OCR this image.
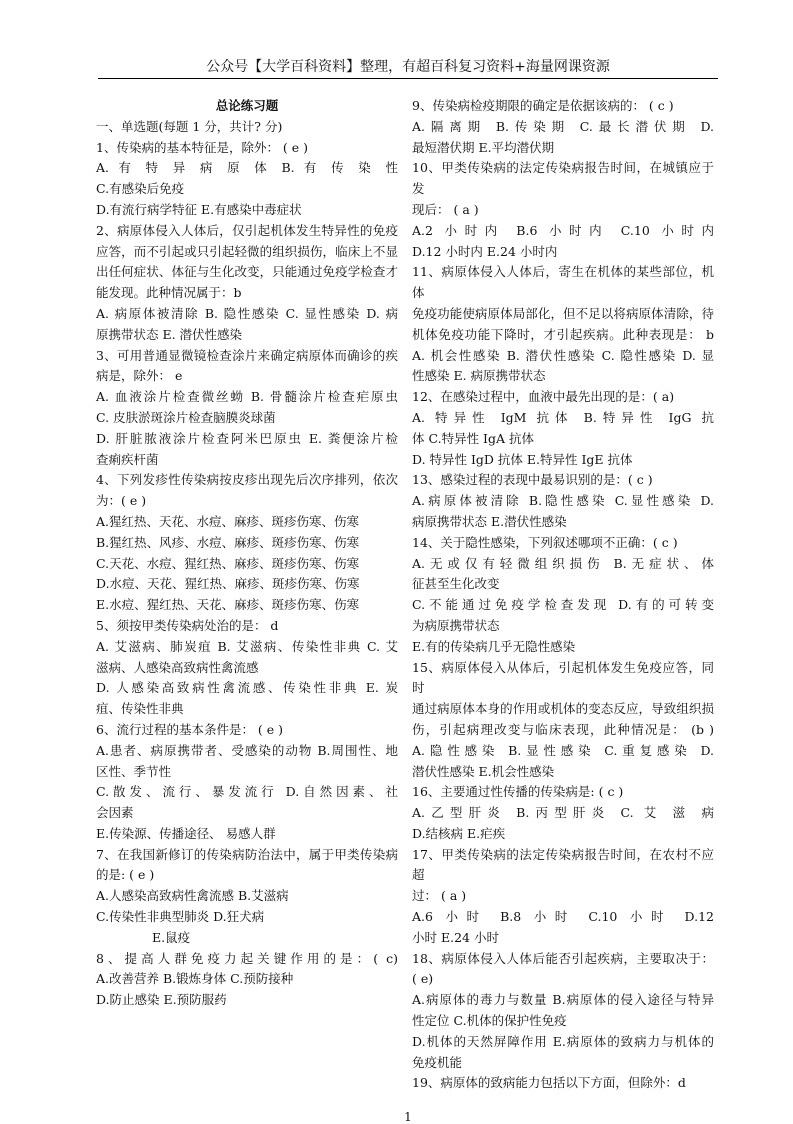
公众号【大学百科资料】整理，有超百科复习资料+海量网课资源
总论练习题
一、单选题(每题 1 分，共计? 分)
1、传染病的基本特征是，除外： ( e )
A. 有 特 异 病 原 体 B. 有 传 染 性
C.有感染后免疫
D.有流行病学特征 E.有感染中毒症状
2、病原体侵入人体后，仅引起机体发生特异性的免疫
应答，而不引起或只引起轻微的组织损伤，临床上不显
出任何症状、体征与生化改变，只能通过免疫学检查才
能发现。此种情况属于：b
A. 病原体被清除 B. 隐性感染 C. 显性感染 D. 病
原携带状态 E. 潜伏性感染
3、可用普通显微镜检查涂片来确定病原体而确诊的疾
病是，除外： e
A. 血液涂片检查微丝蚴 B. 骨髓涂片检查疟原虫
C. 皮肤淤斑涂片检查脑膜炎球菌
D. 肝脏脓液涂片检查阿米巴原虫 E. 粪便涂片检
查痢疾杆菌
4、下列发疹性传染病按皮疹出现先后次序排列，依次
为：( e )
A.猩红热、天花、水痘、麻疹、斑疹伤寒、伤寒
B.猩红热、风疹、水痘、麻疹、斑疹伤寒、伤寒
C.天花、水痘、猩红热、麻疹、斑疹伤寒、伤寒
D.水痘、天花、猩红热、麻疹、斑疹伤寒、伤寒
E.水痘、猩红热、天花、麻疹、斑疹伤寒、伤寒
5、须按甲类传染病处治的是： d
A. 艾滋病、肺炭疽 B. 艾滋病、传染性非典 C. 艾
滋病、人感染高致病性禽流感
D. 人感染高致病性禽流感、传染性非典 E. 炭
疽、传染性非典
6、流行过程的基本条件是： ( e )
A.患者、病原携带者、受感染的动物 B.周围性、地
区性、季节性
C.散发、流行、暴发流行 D.自然因素、社
会因素
E.传染源、传播途径、 易感人群
7、在我国新修订的传染病防治法中，属于甲类传染病
的是: ( e )
A.人感染高致病性禽流感 B.艾滋病
C.传染性非典型肺炎 D.狂犬病
E.鼠疫
8、提高人群免疫力起关键作用的是：( c)
A.改善营养 B.锻炼身体 C.预防接种
D.防止感染 E.预防服药
9、传染病检疫期限的确定是依据该病的： ( c )
A.隔离期 B.传染期 C.最长潜伏期 D.
最短潜伏期 E.平均潜伏期
10、甲类传染病的法定传染病报告时间，在城镇应于发
现后： ( a )
A.2 小时内 B.6 小时内 C.10 小时内
D.12 小时内 E.24 小时内
11、病原体侵入人体后，寄生在机体的某些部位，机体
免疫功能使病原体局部化，但不足以将病原体清除，待
机体免疫功能下降时，才引起疾病。此种表现是： b
A. 机会性感染 B. 潜伏性感染 C. 隐性感染 D. 显
性感染 E. 病原携带状态
12、在感染过程中，血液中最先出现的是：( a)
A. 特异性 IgM 抗体 B.特异性 IgG 抗
体 C.特异性 IgA 抗体
D. 特异性 IgD 抗体 E.特异性 IgE 抗体
13、感染过程的表现中最易识别的是：( c )
A.病原体被清除 B.隐性感染 C.显性感染 D.
病原携带状态 E.潜伏性感染
14、关于隐性感染，下列叙述哪项不正确：( c )
A.无或仅有轻微组织损伤 B.无症状、体
征甚至生化改变
C.不能通过免疫学检查发现 D.有的可转变
为病原携带状态
E.有的传染病几乎无隐性感染
15、病原体侵入从体后，引起机体发生免疫应答，同时
通过病原体本身的作用或机体的变态反应，导致组织损
伤，引起病理改变与临床表现，此种情况是： (b )
A.隐性感染 B.显性感染 C.重复感染 D.
潜伏性感染 E.机会性感染
16、主要通过性传播的传染病是: ( c )
A.乙型肝炎 B.丙型肝炎 C. 艾 滋 病
D.结核病 E.疟疾
17、甲类传染病的法定传染病报告时间，在农村不应超
过： ( a )
A.6 小时 B.8 小时 C.10 小时 D.12
小时 E.24 小时
18、病原体侵入人体后能否引起疾病，主要取决于：
( e)
A.病原体的毒力与数量 B.病原体的侵入途径与特异
性定位 C.机体的保护性免疫
D.机体的天然屏障作用 E.病原体的致病力与机体的
免疫机能
19、病原体的致病能力包括以下方面，但除外：d
1
